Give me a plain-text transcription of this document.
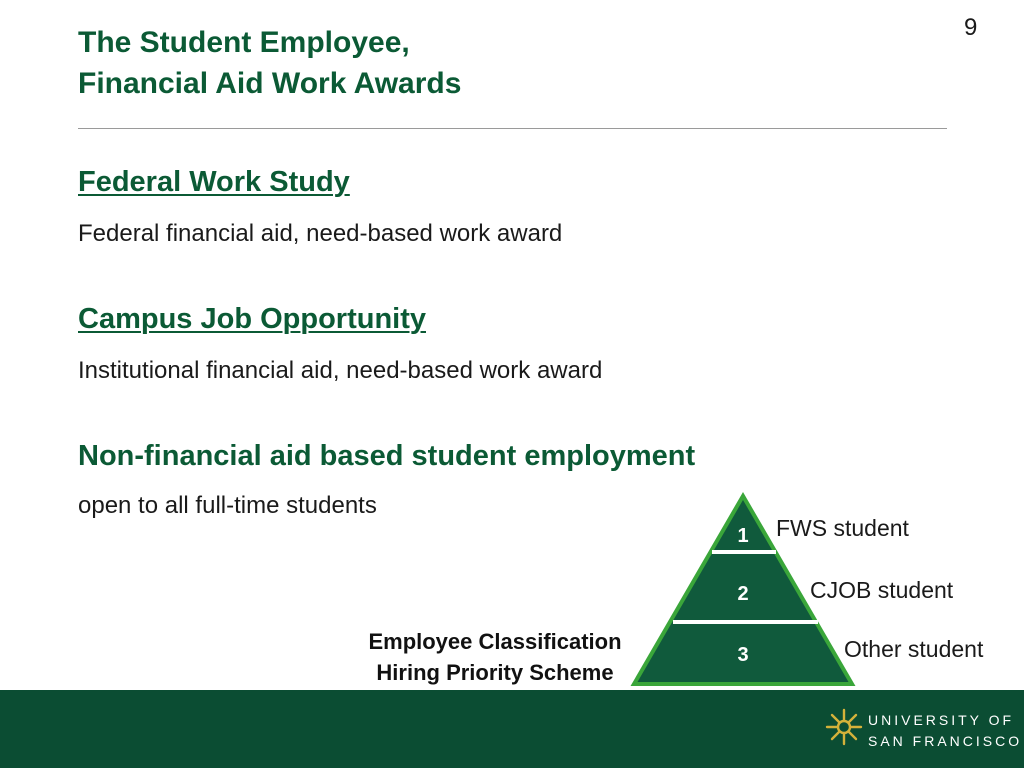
9
The Student Employee,
Financial Aid Work Awards
Federal Work Study

Federal financial aid, need-based work award

Campus Job Opportunity

Institutional financial aid, need-based work award

Non-financial aid based student employment

open to all full-time students

1
2
3
FWS student
CJOB student
Other student
Employee Classification
Hiring Priority Scheme
UNIVERSITY OF
SAN FRANCISCO
